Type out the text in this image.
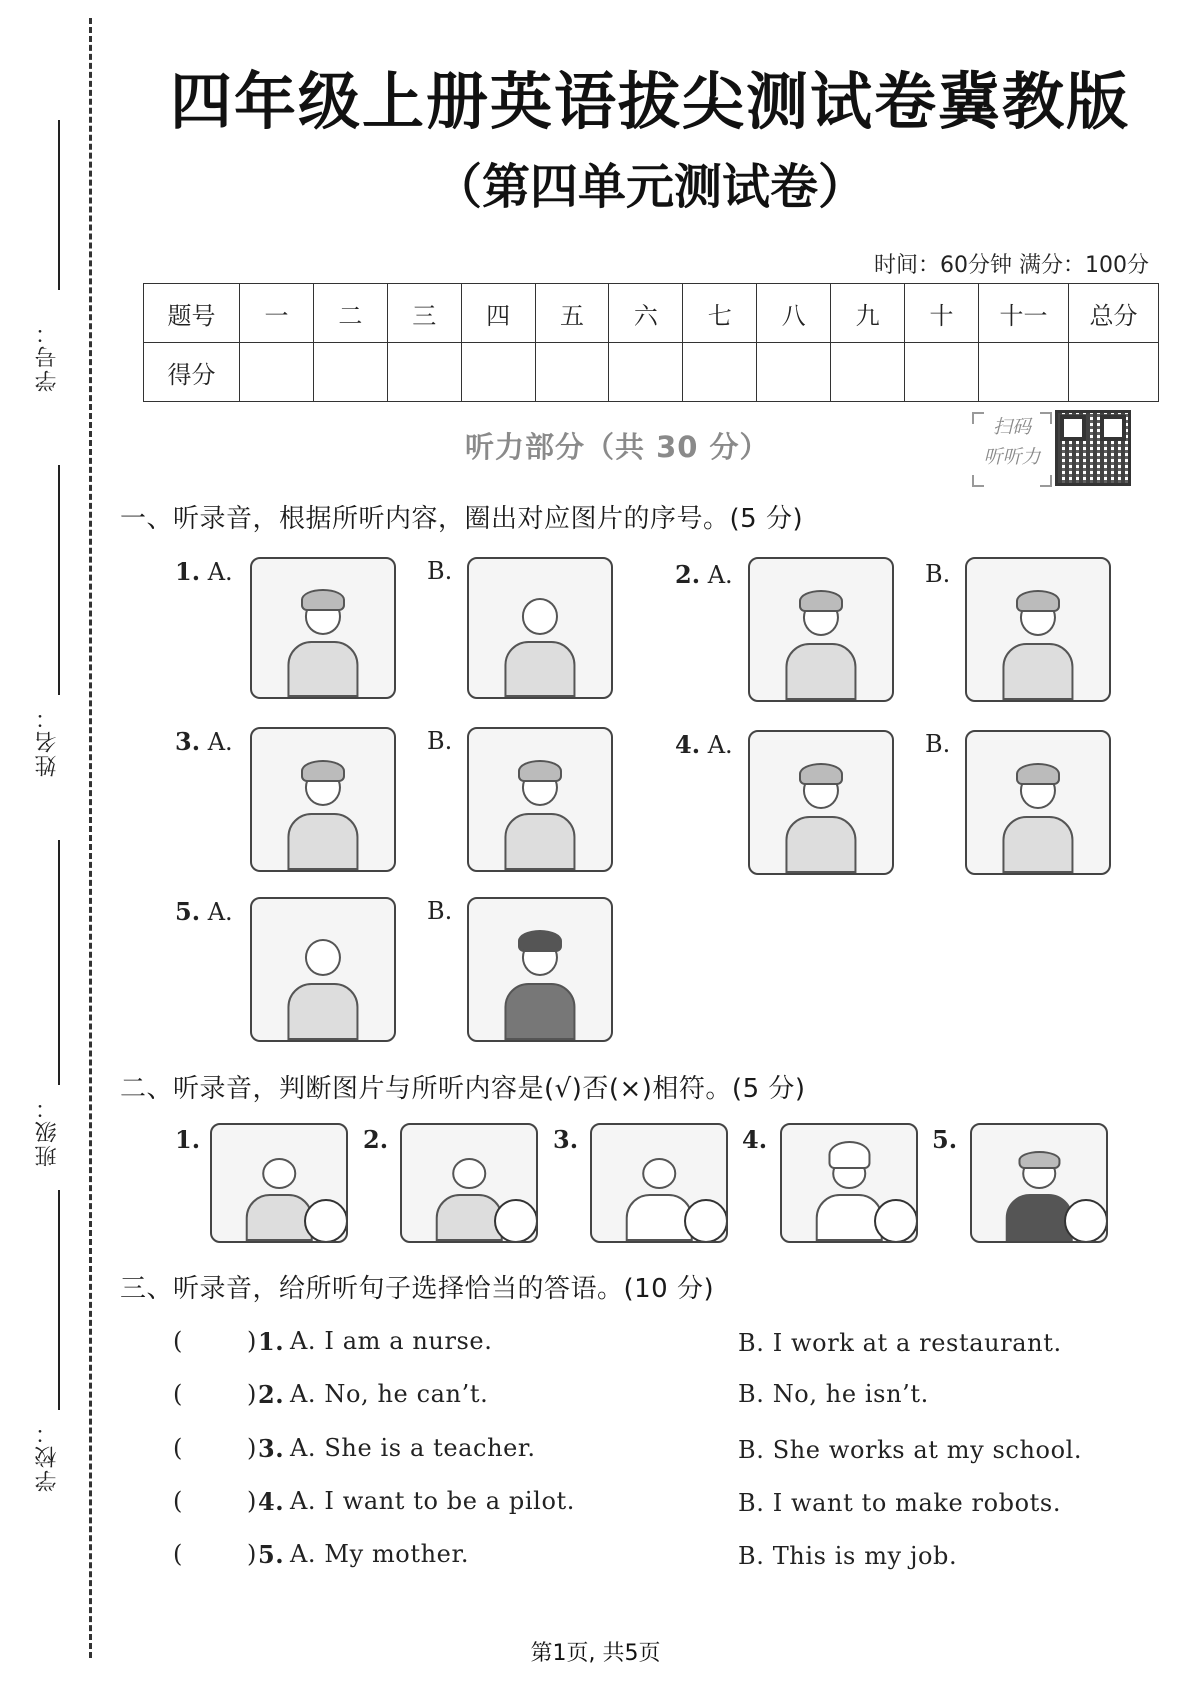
学号：
姓名：
班级：
学校：
四年级上册英语拔尖测试卷冀教版
（第四单元测试卷）
时间：60分钟 满分：100分
题号	一	二	三	四	五	六	七	八	九	十	十一	总分
得分												
听力部分（共 30 分）
扫码
听听力
一、听录音，根据所听内容，圈出对应图片的序号。(5 分)
1. A.	B.	2. A.	B.
3. A.	B.	4. A.	B.
5. A.	B.
二、听录音，判断图片与所听内容是(√)否(×)相符。(5 分)
1.	2.	3.	4.	5.
三、听录音，给所听句子选择恰当的答语。(10 分)
(	) 1. A. I am a nurse.	B. I work at a restaurant.
(	) 2. A. No, he can’t.	B. No, he isn’t.
(	) 3. A. She is a teacher.	B. She works at my school.
(	) 4. A. I want to be a pilot.	B. I want to make robots.
(	) 5. A. My mother.	B. This is my job.
第1页, 共5页
